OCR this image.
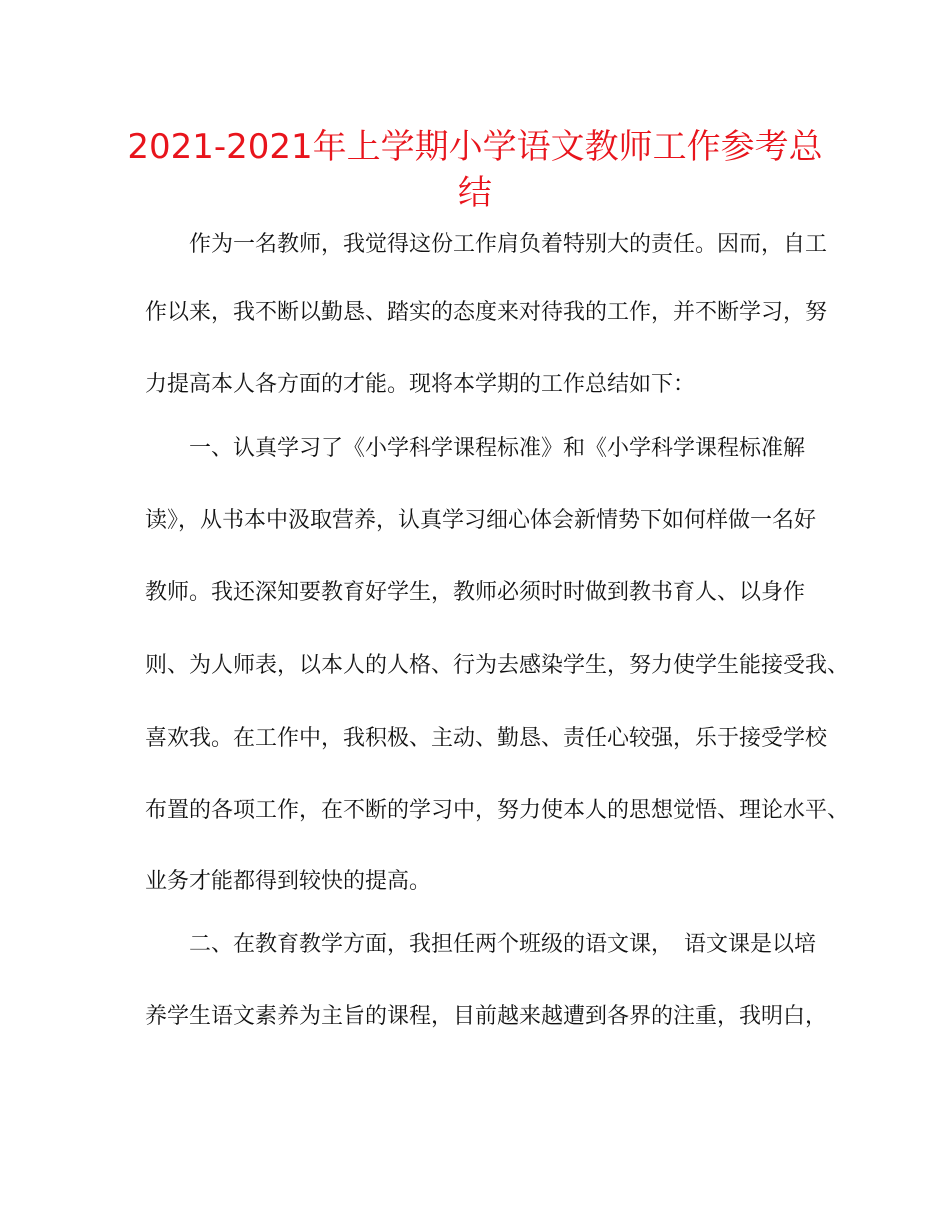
2021-2021年上学期小学语文教师工作参考总
结
　　作为一名教师，我觉得这份工作肩负着特别大的责任。因而，自工
作以来，我不断以勤恳、踏实的态度来对待我的工作，并不断学习，努
力提高本人各方面的才能。现将本学期的工作总结如下：
　　一、认真学习了《小学科学课程标准》和《小学科学课程标准解
读》，从书本中汲取营养，认真学习细心体会新情势下如何样做一名好
教师。我还深知要教育好学生，教师必须时时做到教书育人、以身作
则、为人师表，以本人的人格、行为去感染学生，努力使学生能接受我、
喜欢我。在工作中，我积极、主动、勤恳、责任心较强，乐于接受学校
布置的各项工作，在不断的学习中，努力使本人的思想觉悟、理论水平、
业务才能都得到较快的提高。
　　二、在教育教学方面，我担任两个班级的语文课，　语文课是以培
养学生语文素养为主旨的课程，目前越来越遭到各界的注重，我明白，
